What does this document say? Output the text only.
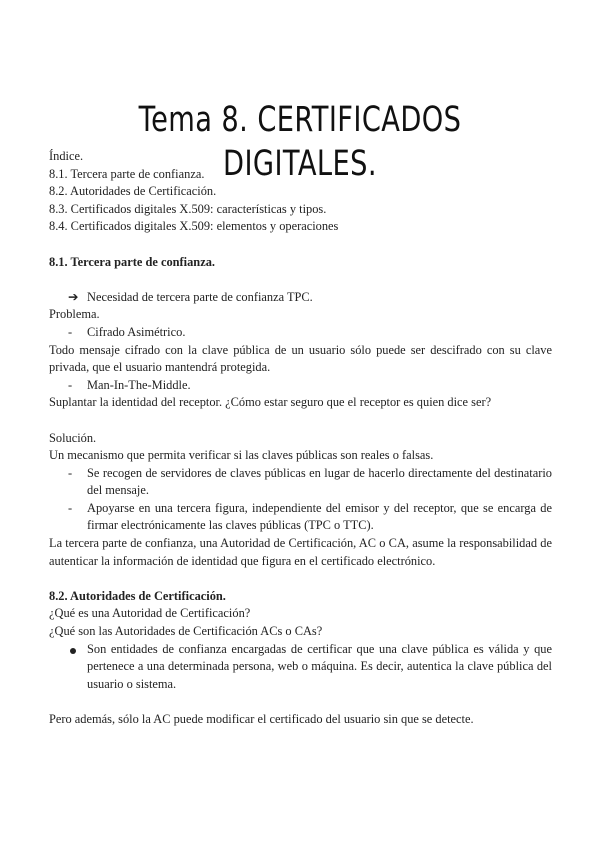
Tema 8. CERTIFICADOS DIGITALES.
Índice.
8.1. Tercera parte de confianza.
8.2. Autoridades de Certificación.
8.3. Certificados digitales X.509: características y tipos.
8.4. Certificados digitales X.509: elementos y operaciones
8.1. Tercera parte de confianza.
➔ Necesidad de tercera parte de confianza TPC.
Problema.
- Cifrado Asimétrico.
Todo mensaje cifrado con la clave pública de un usuario sólo puede ser descifrado con su clave privada, que el usuario mantendrá protegida.
- Man-In-The-Middle.
Suplantar la identidad del receptor. ¿Cómo estar seguro que el receptor es quien dice ser?
Solución.
Un mecanismo que permita verificar si las claves públicas son reales o falsas.
- Se recogen de servidores de claves públicas en lugar de hacerlo directamente del destinatario del mensaje.
- Apoyarse en una tercera figura, independiente del emisor y del receptor, que se encarga de firmar electrónicamente las claves públicas (TPC o TTC).
La tercera parte de confianza, una Autoridad de Certificación, AC o CA, asume la responsabilidad de autenticar la información de identidad que figura en el certificado electrónico.
8.2. Autoridades de Certificación.
¿Qué es una Autoridad de Certificación?
¿Qué son las Autoridades de Certificación ACs o CAs?
Son entidades de confianza encargadas de certificar que una clave pública es válida y que pertenece a una determinada persona, web o máquina. Es decir, autentica la clave pública del usuario o sistema.
Pero además, sólo la AC puede modificar el certificado del usuario sin que se detecte.
